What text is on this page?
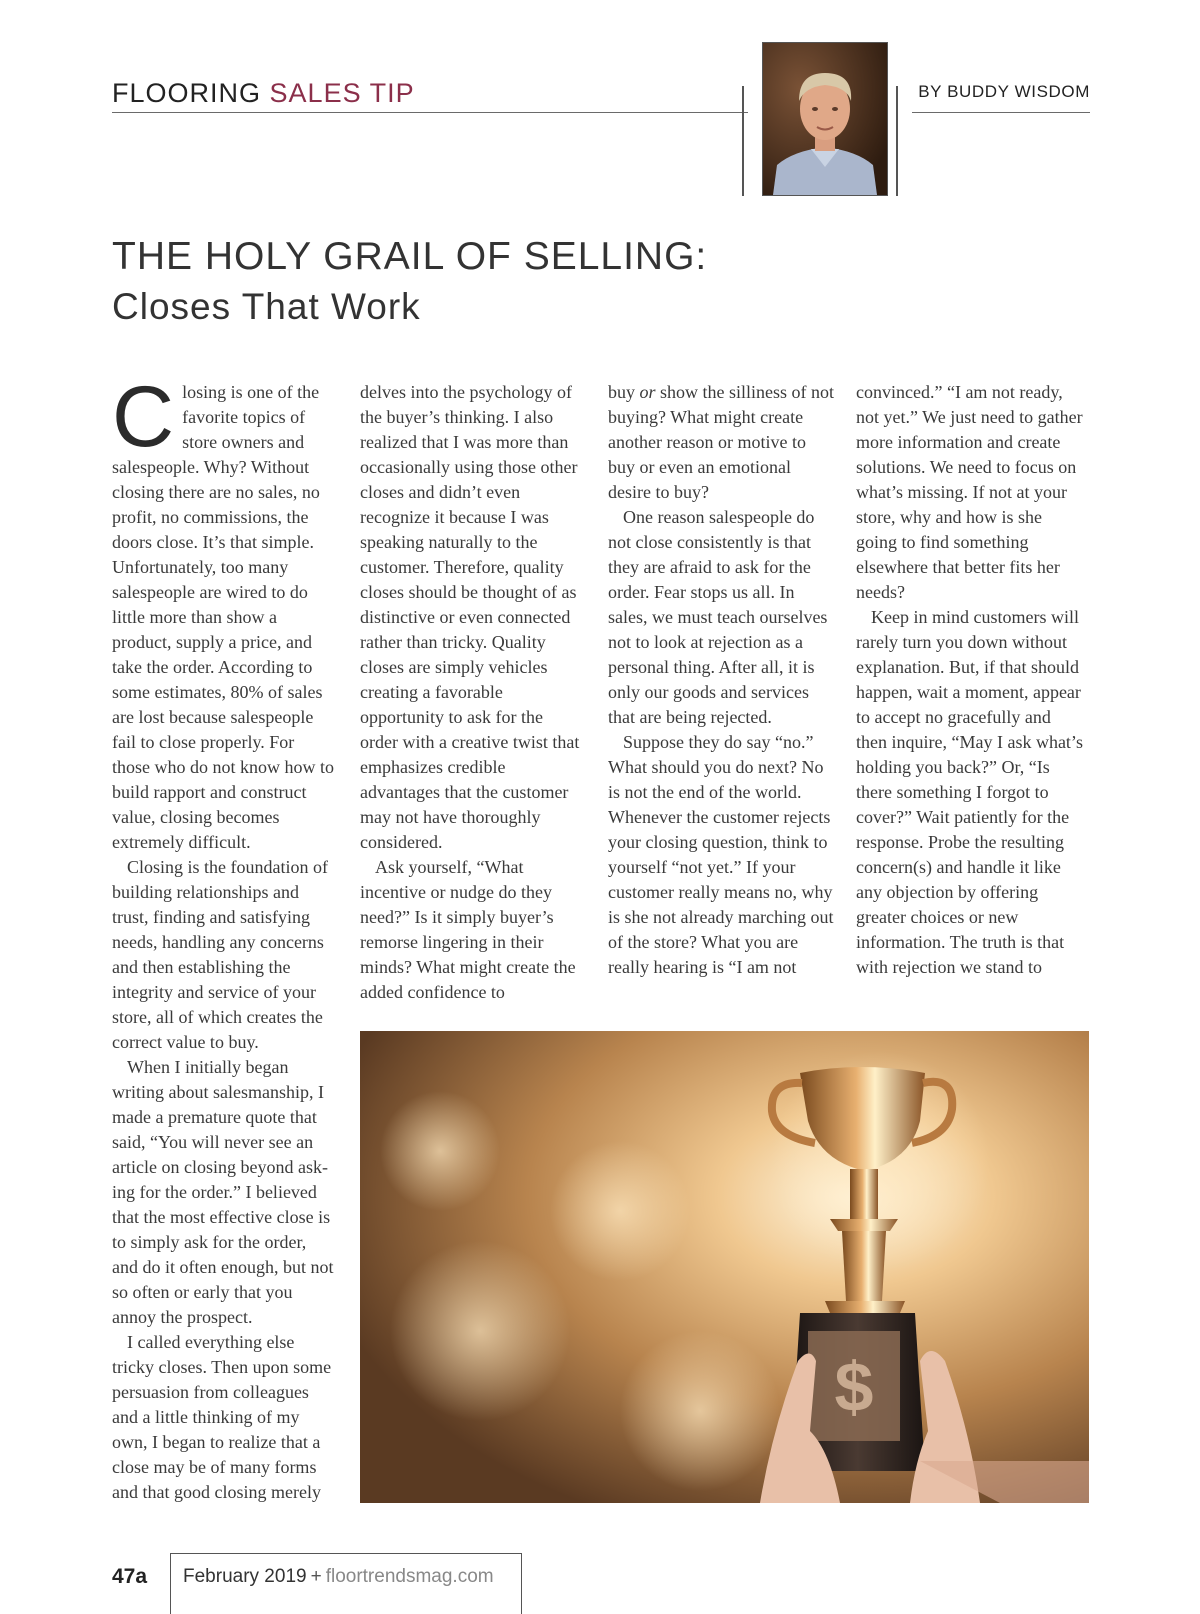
FLOORING SALES TIP	BY BUDDY WISDOM
THE HOLY GRAIL OF SELLING:
Closes That Work

Closing is one of the favorite topics of store owners and salespeople. Why? Without closing there are no sales, no profit, no commissions, the doors close. It’s that simple. Unfortunately, too many salespeople are wired to do little more than show a product, supply a price, and take the order. According to some estimates, 80% of sales are lost because salespeople fail to close properly. For those who do not know how to build rapport and construct value, closing becomes extremely difficult.

Closing is the foundation of building relationships and trust, finding and satisfying needs, handling any concerns and then establishing the integrity and service of your store, all of which creates the correct value to buy.

When I initially began writing about salesmanship, I made a premature quote that said, “You will never see an article on closing beyond ask-ing for the order.” I believed that the most effective close is to simply ask for the order, and do it often enough, but not so often or early that you annoy the prospect.

I called everything else tricky closes. Then upon some persuasion from colleagues and a little thinking of my own, I began to realize that a close may be of many forms and that good closing merely

delves into the psychology of the buyer’s thinking. I also realized that I was more than occasionally using those other closes and didn’t even recognize it because I was speaking naturally to the customer. Therefore, quality closes should be thought of as distinctive or even connected rather than tricky. Quality closes are simply vehicles creating a favorable opportunity to ask for the order with a creative twist that emphasizes credible advantages that the customer may not have thoroughly considered.

Ask yourself, “What incentive or nudge do they need?” Is it simply buyer’s remorse lingering in their minds? What might create the added confidence to

buy or show the silliness of not buying? What might create another reason or motive to buy or even an emotional desire to buy?

One reason salespeople do not close consistently is that they are afraid to ask for the order. Fear stops us all. In sales, we must teach ourselves not to look at rejection as a personal thing. After all, it is only our goods and services that are being rejected.

Suppose they do say “no.” What should you do next? No is not the end of the world. Whenever the customer rejects your closing question, think to yourself “not yet.” If your customer really means no, why is she not already marching out of the store? What you are really hearing is “I am not

convinced.” “I am not ready, not yet.” We just need to gather more information and create solutions. We need to focus on what’s missing. If not at your store, why and how is she going to find something elsewhere that better fits her needs?

Keep in mind customers will rarely turn you down without explanation. But, if that should happen, wait a moment, appear to accept no gracefully and then inquire, “May I ask what’s holding you back?” Or, “Is there something I forgot to cover?” Wait patiently for the response. Probe the resulting concern(s) and handle it like any objection by offering greater choices or new information. The truth is that with rejection we stand to

$
47a February 2019 + floortrendsmag.com
